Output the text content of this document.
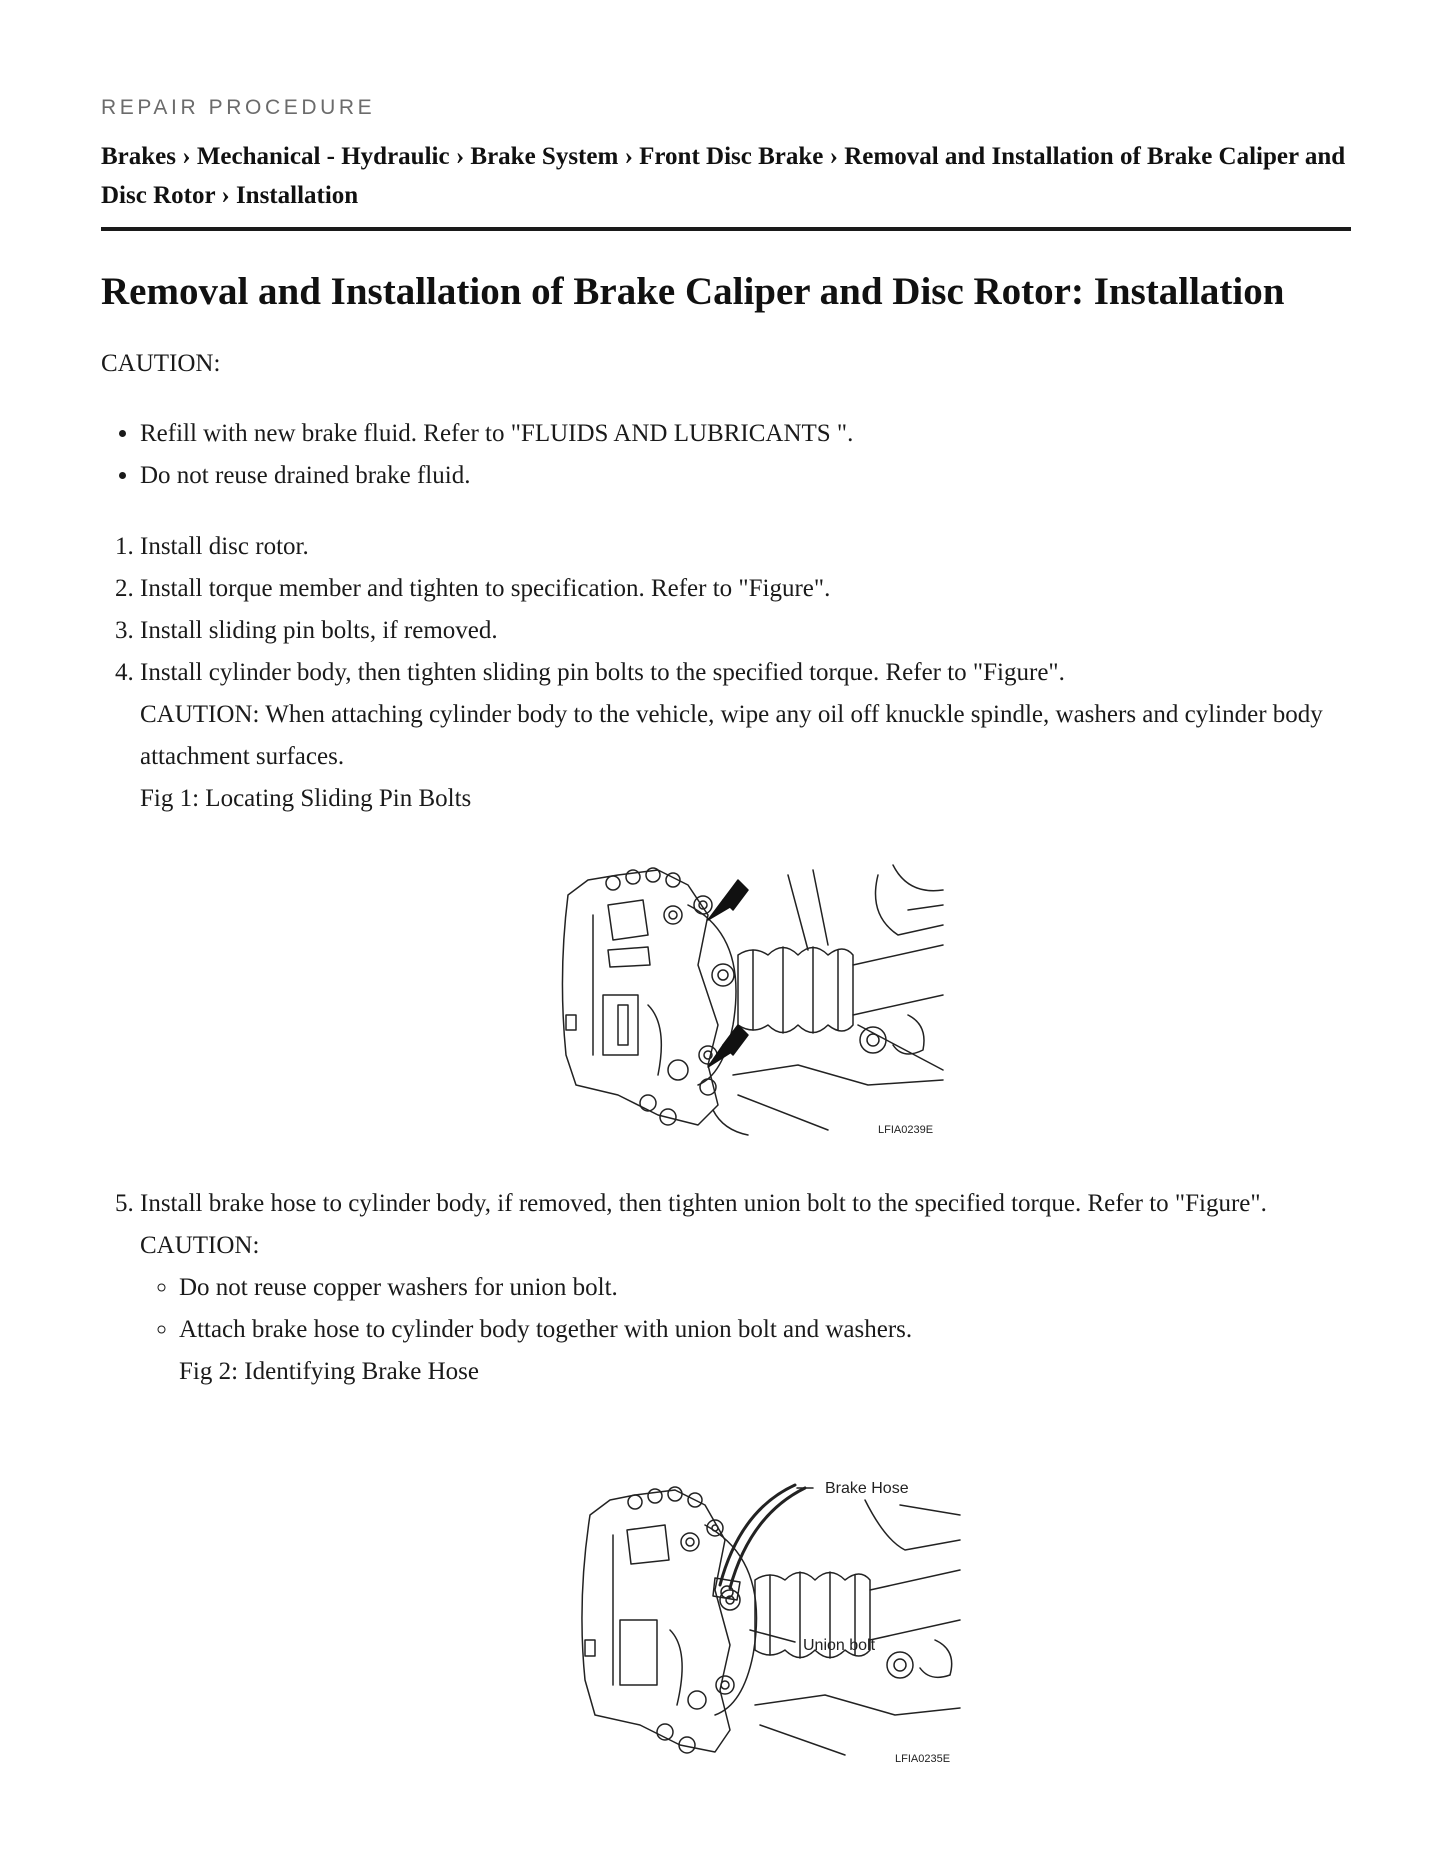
REPAIR PROCEDURE
Brakes › Mechanical - Hydraulic › Brake System › Front Disc Brake › Removal and Installation of Brake Caliper and Disc Rotor › Installation
Removal and Installation of Brake Caliper and Disc Rotor: Installation
CAUTION:
• Refill with new brake fluid. Refer to "FLUIDS AND LUBRICANTS ".
• Do not reuse drained brake fluid.
1. Install disc rotor.
2. Install torque member and tighten to specification. Refer to "Figure".
3. Install sliding pin bolts, if removed.
4. Install cylinder body, then tighten sliding pin bolts to the specified torque. Refer to "Figure".
CAUTION: When attaching cylinder body to the vehicle, wipe any oil off knuckle spindle, washers and cylinder body attachment surfaces.
Fig 1: Locating Sliding Pin Bolts
LFIA0239E
5. Install brake hose to cylinder body, if removed, then tighten union bolt to the specified torque. Refer to "Figure".
CAUTION:
◦ Do not reuse copper washers for union bolt.
◦ Attach brake hose to cylinder body together with union bolt and washers.
Fig 2: Identifying Brake Hose
Brake Hose
Union bolt
LFIA0235E
